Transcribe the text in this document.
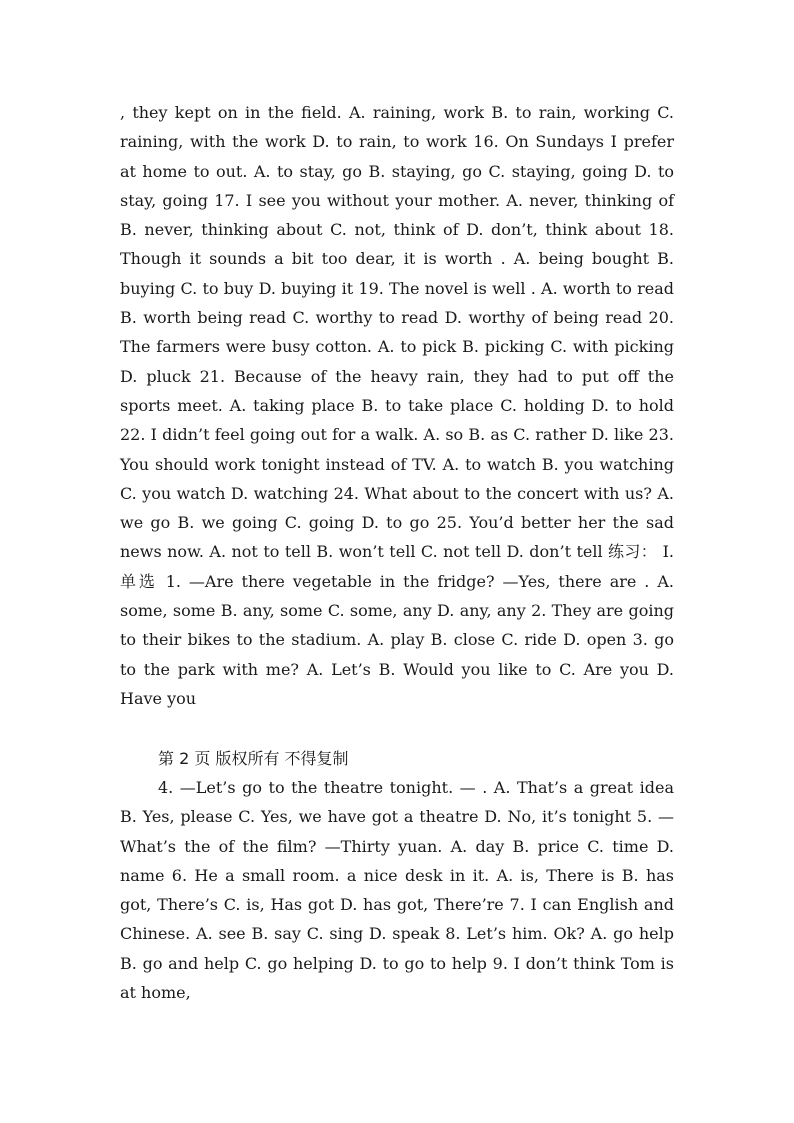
, they kept on in the field. A. raining, work B. to rain, working C. raining, with the work D. to rain, to work 16. On Sundays I prefer at home to out. A. to stay, go B. staying, go C. staying, going D. to stay, going 17. I see you without your mother. A. never, thinking of B. never, thinking about C. not, think of D. don’t, think about 18. Though it sounds a bit too dear, it is worth . A. being bought B. buying C. to buy D. buying it 19. The novel is well . A. worth to read B. worth being read C. worthy to read D. worthy of being read 20. The farmers were busy cotton. A. to pick B. picking C. with picking D. pluck 21. Because of the heavy rain, they had to put off the sports meet. A. taking place B. to take place C. holding D. to hold 22. I didn’t feel going out for a walk. A. so B. as C. rather D. like 23. You should work tonight instead of TV. A. to watch B. you watching C. you watch D. watching 24. What about to the concert with us? A. we go B. we going C. going D. to go 25. You’d better her the sad news now. A. not to tell B. won’t tell C. not tell D. don’t tell 练习： I. 单选 1. —Are there vegetable in the fridge? —Yes, there are . A. some, some B. any, some C. some, any D. any, any 2. They are going to their bikes to the stadium. A. play B. close C. ride D. open 3. go to the park with me? A. Let’s B. Would you like to C. Are you D. Have you
第 2 页 版权所有 不得复制
4. —Let’s go to the theatre tonight. — . A. That’s a great idea B. Yes, please C. Yes, we have got a theatre D. No, it’s tonight 5. — What’s the of the film? —Thirty yuan. A. day B. price C. time D. name 6. He a small room. a nice desk in it. A. is, There is B. has got, There’s C. is, Has got D. has got, There’re 7. I can English and Chinese. A. see B. say C. sing D. speak 8. Let’s him. Ok? A. go help B. go and help C. go helping D. to go to help 9. I don’t think Tom is at home,
